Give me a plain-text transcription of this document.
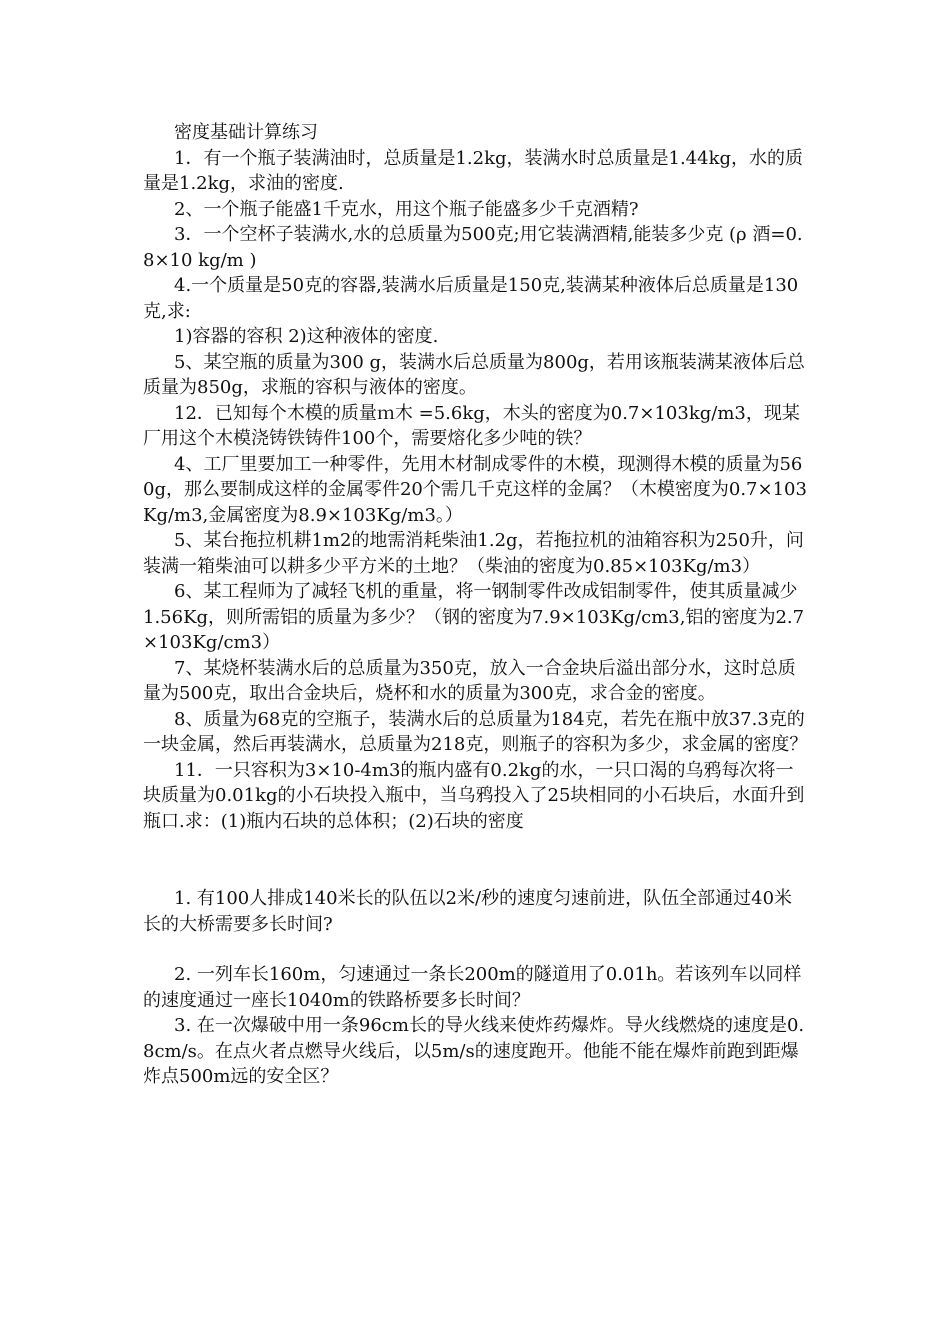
密度基础计算练习

1．有一个瓶子装满油时，总质量是1.2kg，装满水时总质量是1.44kg，水的质量是1.2kg，求油的密度.

2、一个瓶子能盛1千克水，用这个瓶子能盛多少千克酒精?

3．一个空杯子装满水,水的总质量为500克;用它装满酒精,能装多少克 (ρ 酒=0.8×10 kg/m )

4.一个质量是50克的容器,装满水后质量是150克,装满某种液体后总质量是130克,求:

1)容器的容积 2)这种液体的密度.

5、某空瓶的质量为300 g，装满水后总质量为800g，若用该瓶装满某液体后总质量为850g，求瓶的容积与液体的密度。

12．已知每个木模的质量ｍ木 =5.6kg，木头的密度为0.7×103kg/m3，现某厂用这个木模浇铸铁铸件100个，需要熔化多少吨的铁？

4、工厂里要加工一种零件，先用木材制成零件的木模，现测得木模的质量为560g，那么要制成这样的金属零件20个需几千克这样的金属？（木模密度为0.7×103Kg/m3,金属密度为8.9×103Kg/m3。）

5、某台拖拉机耕1m2的地需消耗柴油1.2g，若拖拉机的油箱容积为250升，问装满一箱柴油可以耕多少平方米的土地？（柴油的密度为0.85×103Kg/m3）

6、某工程师为了减轻飞机的重量，将一钢制零件改成铝制零件，使其质量减少1.56Kg，则所需铝的质量为多少？（钢的密度为7.9×103Kg/cm3,铝的密度为2.7×103Kg/cm3）

7、某烧杯装满水后的总质量为350克，放入一合金块后溢出部分水，这时总质量为500克，取出合金块后，烧杯和水的质量为300克，求合金的密度。

8、质量为68克的空瓶子，装满水后的总质量为184克，若先在瓶中放37.3克的一块金属，然后再装满水，总质量为218克，则瓶子的容积为多少，求金属的密度？

11．一只容积为3×10-4m3的瓶内盛有0.2kg的水，一只口渴的乌鸦每次将一块质量为0.01kg的小石块投入瓶中，当乌鸦投入了25块相同的小石块后，水面升到瓶口.求：(1)瓶内石块的总体积；(2)石块的密度

1. 有100人排成140米长的队伍以2米/秒的速度匀速前进，队伍全部通过40米长的大桥需要多长时间?

2. 一列车长160m，匀速通过一条长200m的隧道用了0.01h。若该列车以同样的速度通过一座长1040m的铁路桥要多长时间？

3. 在一次爆破中用一条96cm长的导火线来使炸药爆炸。导火线燃烧的速度是0.8cm/s。在点火者点燃导火线后，以5m/s的速度跑开。他能不能在爆炸前跑到距爆炸点500m远的安全区？
